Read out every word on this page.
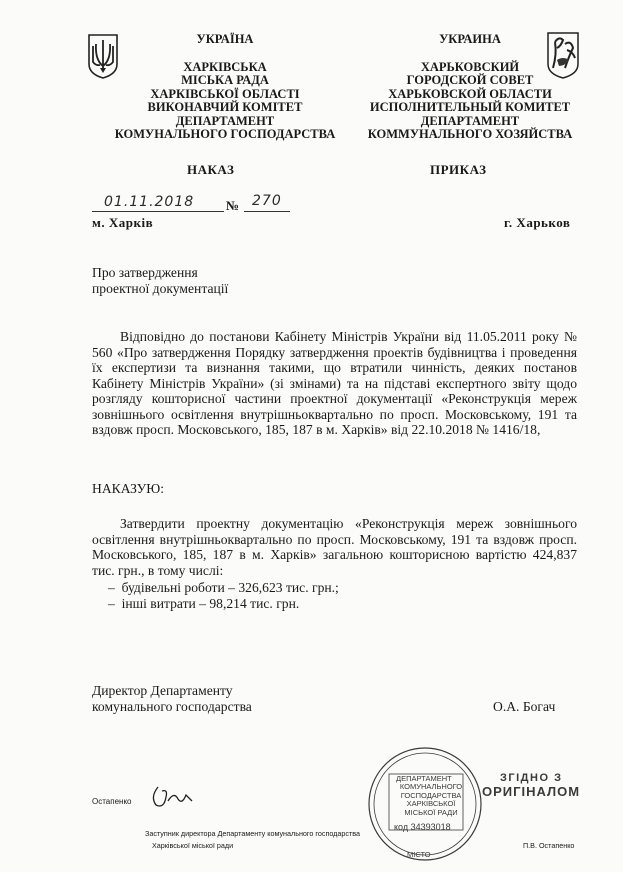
УКРАЇНА
ХАРКІВСЬКА
МІСЬКА РАДА
ХАРКІВСЬКОЇ ОБЛАСТІ
ВИКОНАВЧИЙ КОМІТЕТ
ДЕПАРТАМЕНТ
КОМУНАЛЬНОГО ГОСПОДАРСТВА
УКРАИНА
ХАРЬКОВСКИЙ
ГОРОДСКОЙ СОВЕТ
ХАРЬКОВСКОЙ ОБЛАСТИ
ИСПОЛНИТЕЛЬНЫЙ КОМИТЕТ
ДЕПАРТАМЕНТ
КОММУНАЛЬНОГО ХОЗЯЙСТВА
НАКАЗ	ПРИКАЗ
01.11.2018 № 270
м. Харків	г. Харьков
Про затвердження
проектної документації
Відповідно до постанови Кабінету Міністрів України від 11.05.2011 року № 560 «Про затвердження Порядку затвердження проектів будівництва і проведення їх експертизи та визнання такими, що втратили чинність, деяких постанов Кабінету Міністрів України» (зі змінами) та на підставі експертного звіту щодо розгляду кошторисної частини проектної документації «Реконструкція мереж зовнішнього освітлення внутрішньоквартально по просп. Московському, 191 та вздовж просп. Московського, 185, 187 в м. Харків» від 22.10.2018 № 1416/18,
НАКАЗУЮ:
Затвердити проектну документацію «Реконструкція мереж зовнішнього освітлення внутрішньоквартально по просп. Московському, 191 та вздовж просп. Московського, 185, 187 в м. Харків» загальною кошторисною вартістю 424,837 тис. грн., в тому числі:
– будівельні роботи – 326,623 тис. грн.;
– інші витрати – 98,214 тис. грн.
Директор Департаменту
комунального господарства	О.А. Богач
ДЕПАРТАМЕНТ
КОМУНАЛЬНОГО
ГОСПОДАРСТВА
ХАРКІВСЬКОЇ
МІСЬКОЇ РАДИ
код 34393018
МІСТО
ЗГІДНО З
ОРИГІНАЛОМ
Остапенко
Заступник директора Департаменту комунального господарства
Харківської міської ради	П.В. Остапенко
